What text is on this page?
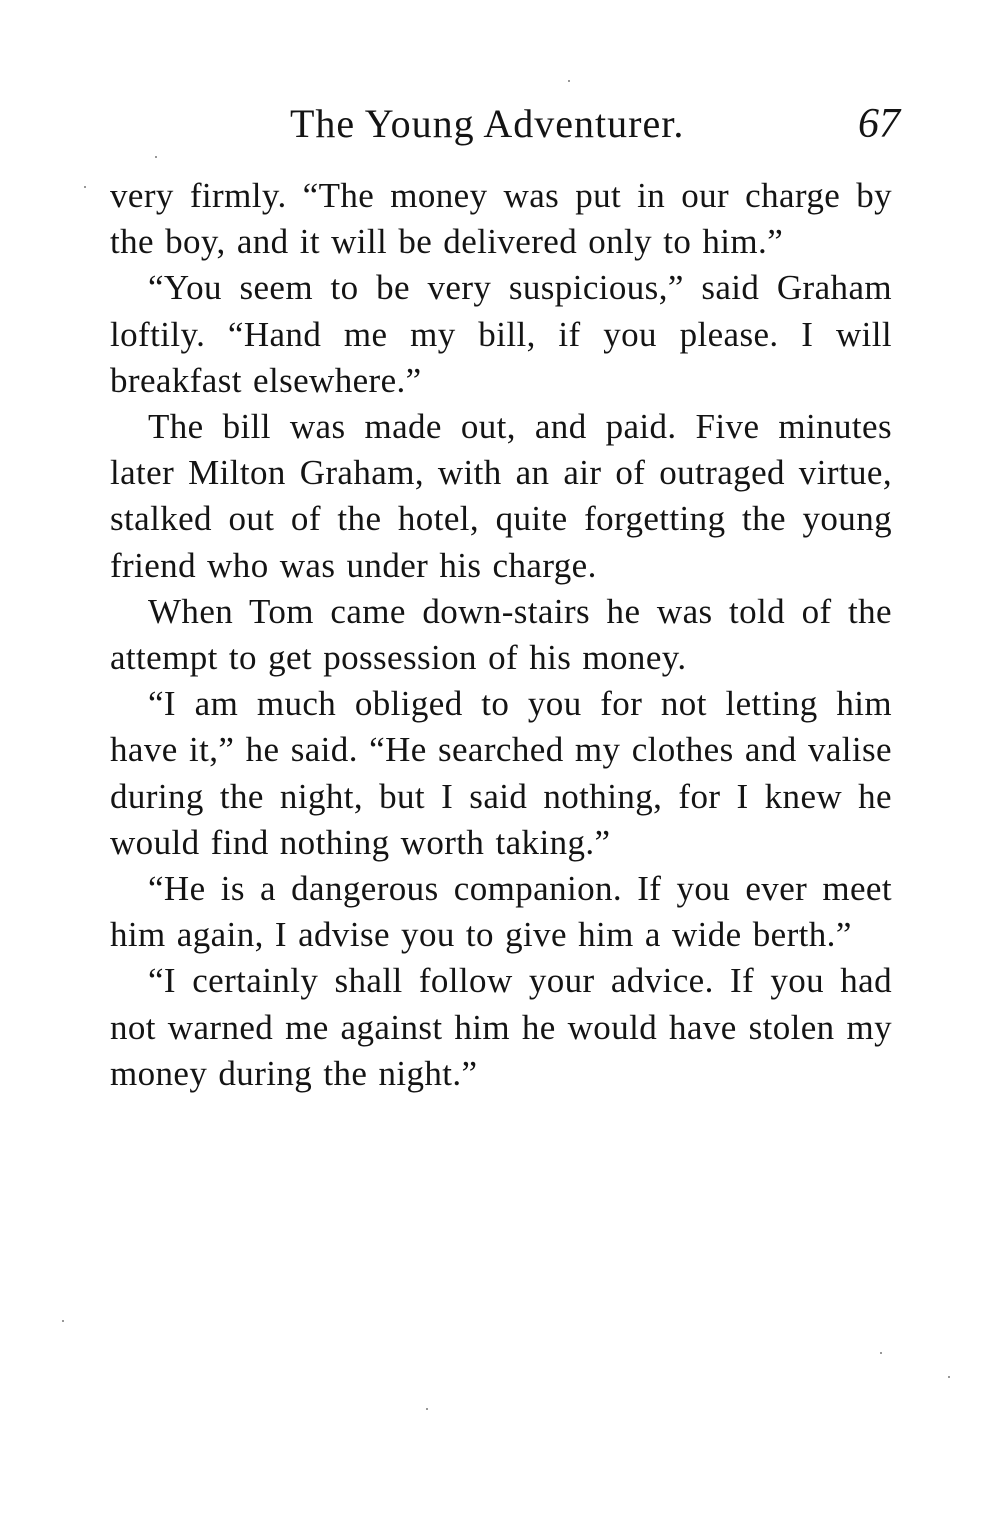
The Young Adventurer.	67

very firmly. “The money was put in our charge by the boy, and it will be delivered only to him.”

“You seem to be very suspicious,” said Graham loftily. “Hand me my bill, if you please. I will breakfast elsewhere.”

The bill was made out, and paid. Five minutes later Milton Graham, with an air of outraged virtue, stalked out of the hotel, quite forgetting the young friend who was under his charge.

When Tom came down-stairs he was told of the attempt to get possession of his money.

“I am much obliged to you for not letting him have it,” he said. “He searched my clothes and valise during the night, but I said nothing, for I knew he would find nothing worth taking.”

“He is a dangerous companion. If you ever meet him again, I advise you to give him a wide berth.”

“I certainly shall follow your advice. If you had not warned me against him he would have stolen my money during the night.”
